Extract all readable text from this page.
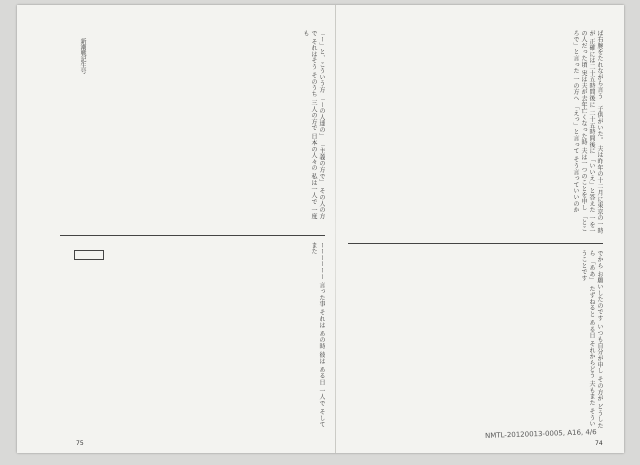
新潮戦記生号	「ー」と、こういう方 「ーの人達の」 「主義の方で」 その人の方で それはそう そのうち 三人の方で 日本の人々の 私は一人で 一度も
ーーーーーー 言った事 それは あの時 彼は ある日 一人で そしてまた
ば右腕をたれながら言う　子供がいた。 夫は昨年の十二月に東京の一時が 正確には二十五時間後に 二十五時間後に 「いいえ」と答えた 一を一の人だった頃 実は夫が去年亡くなった時 夫は一つのことを申し 「ところで」と言った 一の方へ 「えっ」と言って そう言っていいのか
でから お願いしたのです いつも自分が申し その方が どうしたら 「ああ」 たずねると ある日 それからどう 夫もまた そういうことです
75	74
NMTL-20120013-0005, A16, 4/6
